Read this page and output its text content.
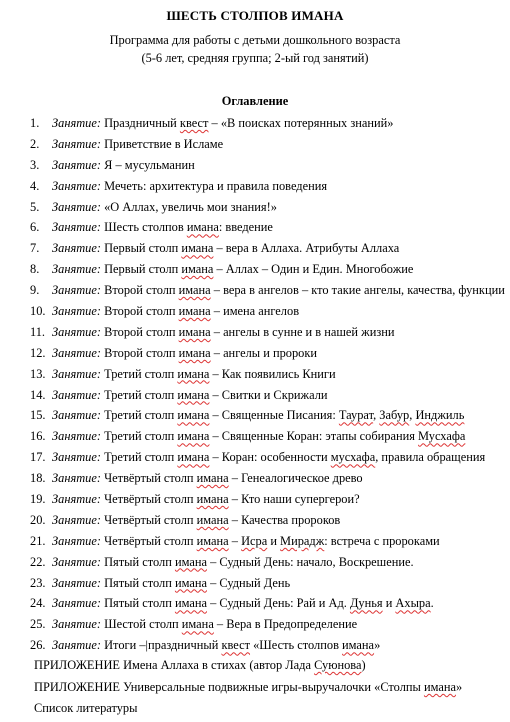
ШЕСТЬ СТОЛПОВ ИМАНА
Программа для работы с детьми дошкольного возраста
(5-6 лет, средняя группа; 2-ый год занятий)
Оглавление
1. Занятие: Праздничный квест – «В поисках потерянных знаний»
2. Занятие: Приветствие в Исламе
3. Занятие: Я – мусульманин
4. Занятие: Мечеть: архитектура и правила поведения
5. Занятие: «О Аллах, увеличь мои знания!»
6. Занятие: Шесть столпов имана: введение
7. Занятие: Первый столп имана – вера в Аллаха. Атрибуты Аллаха
8. Занятие: Первый столп имана – Аллах – Один и Един. Многобожие
9. Занятие: Второй столп имана – вера в ангелов – кто такие ангелы, качества, функции
10. Занятие: Второй столп имана – имена ангелов
11. Занятие: Второй столп имана – ангелы в сунне и в нашей жизни
12. Занятие: Второй столп имана – ангелы и пророки
13. Занятие: Третий столп имана – Как появились Книги
14. Занятие: Третий столп имана – Свитки и Скрижали
15. Занятие: Третий столп имана – Священные Писания: Таурат, Забур, Инджиль
16. Занятие: Третий столп имана – Священные Коран: этапы собирания Мусхафа
17. Занятие: Третий столп имана – Коран: особенности мусхафа, правила обращения
18. Занятие: Четвёртый столп имана – Генеалогическое древо
19. Занятие: Четвёртый столп имана – Кто наши супергерои?
20. Занятие: Четвёртый столп имана – Качества пророков
21. Занятие: Четвёртый столп имана – Исра и Мирадж: встреча с пророками
22. Занятие: Пятый столп имана – Судный День: начало, Воскрешение.
23. Занятие: Пятый столп имана – Судный День
24. Занятие: Пятый столп имана – Судный День: Рай и Ад. Дунья и Ахыра.
25. Занятие: Шестой столп имана – Вера в Предопределение
26. Занятие: Итоги –|праздничный квест «Шесть столпов имана»
ПРИЛОЖЕНИЕ Имена Аллаха в стихах (автор Лада Суюнова)
ПРИЛОЖЕНИЕ Универсальные подвижные игры-выручалочки «Столпы имана»
Список литературы
